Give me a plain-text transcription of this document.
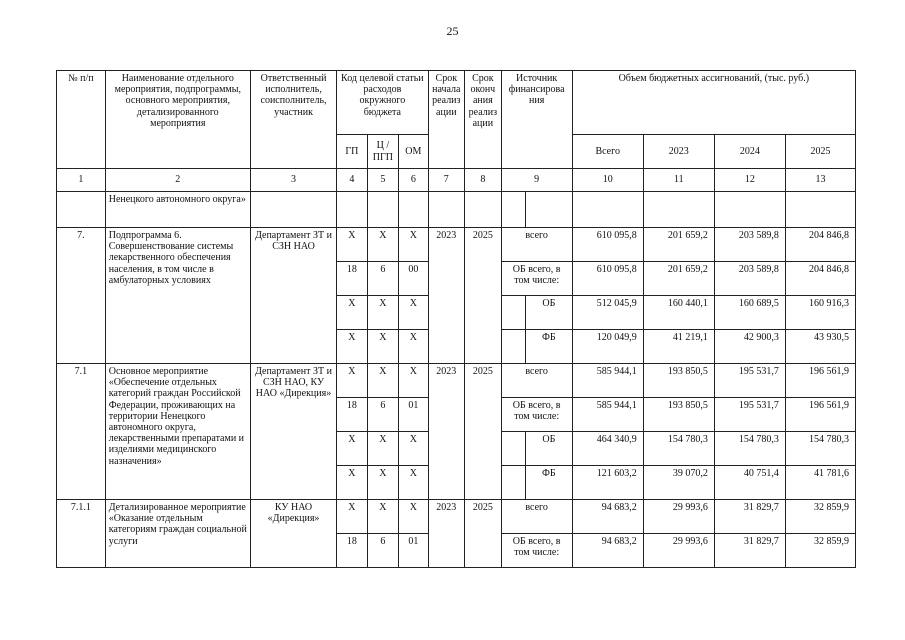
25
№ п/п	Наименование отдельного мероприятия, подпрограммы, основного мероприятия, детализированного мероприятия	Ответственный исполнитель, соисполнитель, участник	Код целевой статьи расходов окружного бюджета			Срок начала реализ ации	Срок оконч ания реализ ации	Источник финансирова ния		Объем бюджетных ассигнований, (тыс. руб.)			
			ГП	Ц / ПГП	ОМ					Всего	2023	2024	2025
1	2	3	4	5	6	7	8	9		10	11	12	13
	Ненецкого автономного округа»												
7.	Подпрограмма 6. Совершенствование системы лекарственного обеспечения населения, в том числе в амбулаторных условиях	Департамент ЗТ и СЗН НАО	Х	Х	Х	2023	2025	всего		610 095,8	201 659,2	203 589,8	204 846,8
			18	6	00			ОБ всего, в том числе:		610 095,8	201 659,2	203 589,8	204 846,8
			Х	Х	Х				ОБ	512 045,9	160 440,1	160 689,5	160 916,3
			Х	Х	Х				ФБ	120 049,9	41 219,1	42 900,3	43 930,5
7.1	Основное мероприятие «Обеспечение отдельных категорий граждан Российской Федерации, проживающих на территории Ненецкого автономного округа, лекарственными препаратами и изделиями медицинского назначения»	Департамент ЗТ и СЗН НАО, КУ НАО «Дирекция»	Х	Х	Х	2023	2025	всего		585 944,1	193 850,5	195 531,7	196 561,9
			18	6	01			ОБ всего, в том числе:		585 944,1	193 850,5	195 531,7	196 561,9
			Х	Х	Х				ОБ	464 340,9	154 780,3	154 780,3	154 780,3
			Х	Х	Х				ФБ	121 603,2	39 070,2	40 751,4	41 781,6
7.1.1	Детализированное мероприятие «Оказание отдельным категориям граждан социальной услуги	КУ НАО «Дирекция»	Х	Х	Х	2023	2025	всего		94 683,2	29 993,6	31 829,7	32 859,9
			18	6	01			ОБ всего, в том числе:		94 683,2	29 993,6	31 829,7	32 859,9
